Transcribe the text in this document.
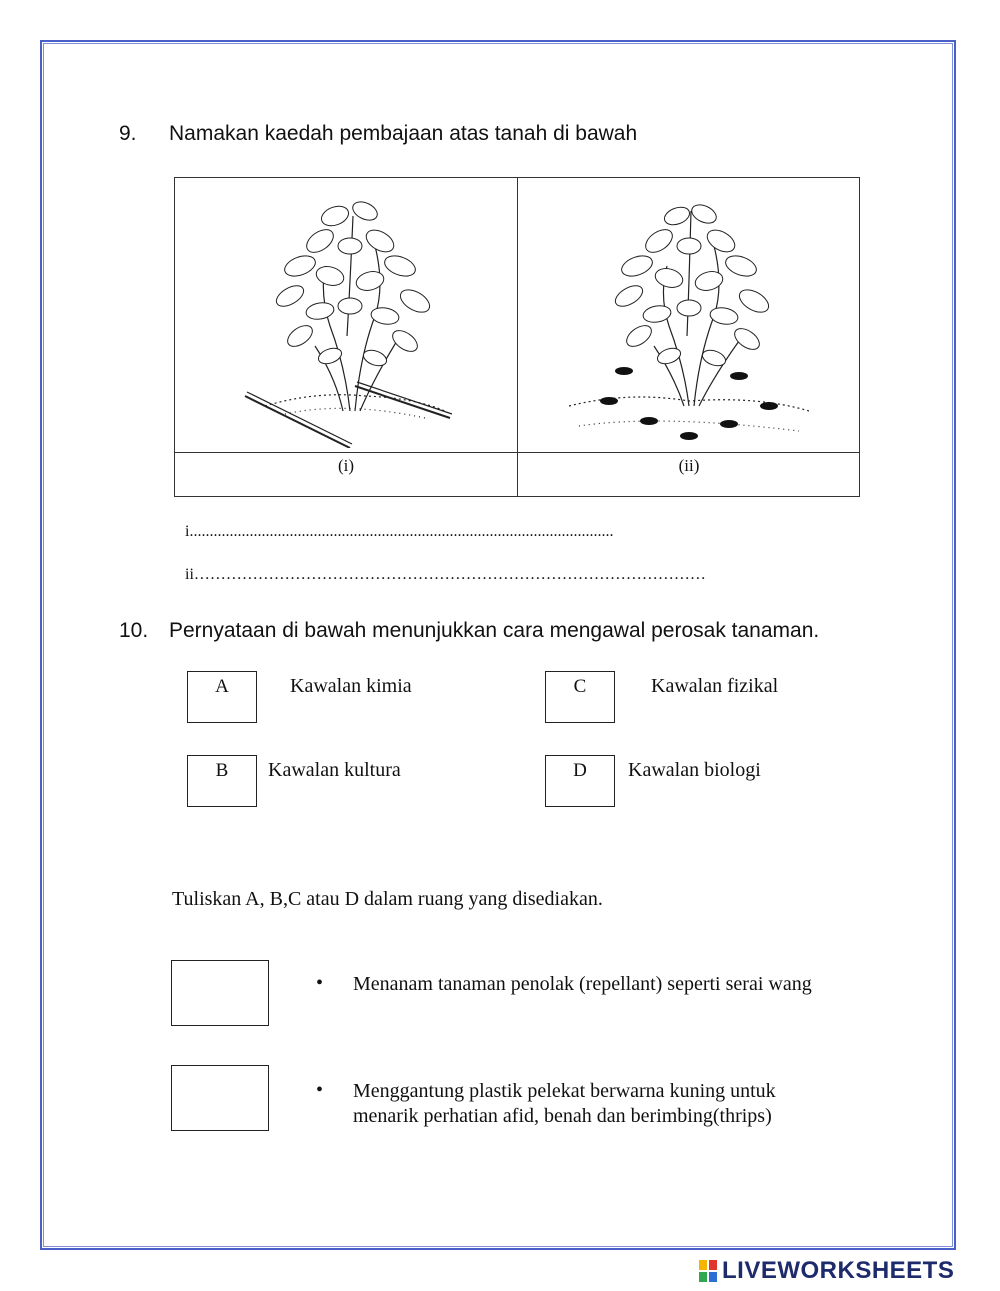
9. Namakan kaedah pembajaan atas tanah di bawah
(i)	(ii)
i..........................................................................................................
ii……………………………………………………………………………………
10. Pernyataan di bawah menunjukkan cara mengawal perosak tanaman.
A	Kawalan kimia	C	Kawalan fizikal
B	Kawalan kultura	D	Kawalan biologi
Tuliskan A, B,C atau D dalam ruang yang disediakan.
• Menanam tanaman penolak (repellant) seperti serai wang
• Menggantung plastik pelekat berwarna kuning untuk
menarik perhatian afid, benah dan berimbing(thrips)
LIVEWORKSHEETS
